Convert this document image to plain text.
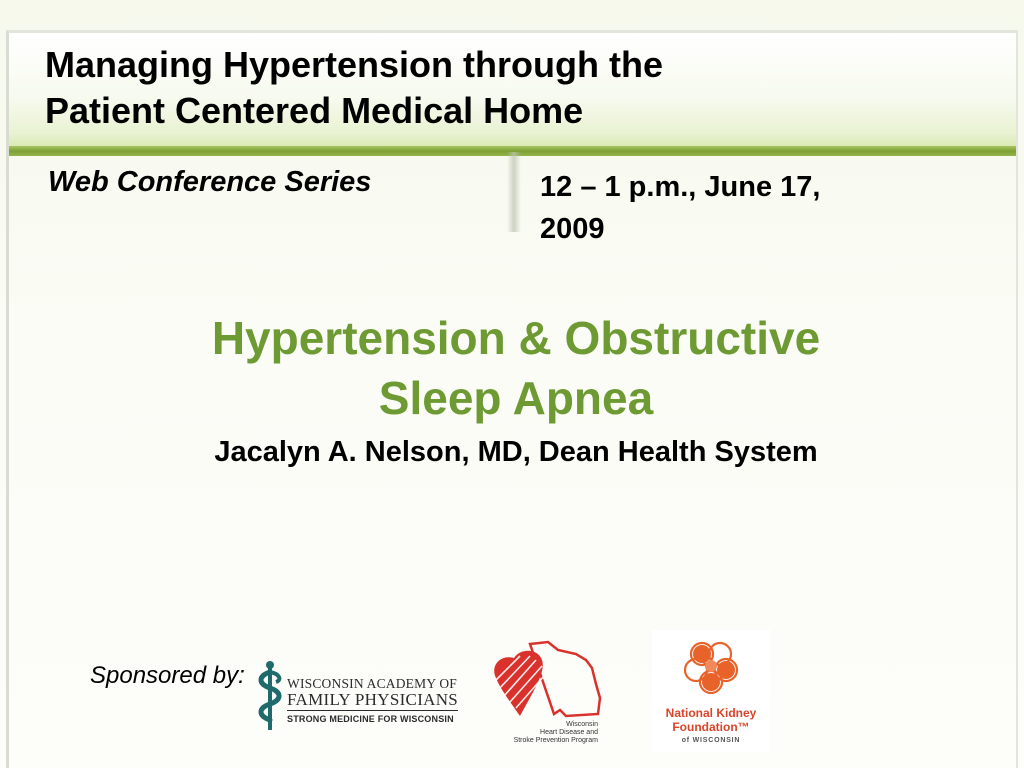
Managing Hypertension through the
Patient Centered Medical Home
Web Conference Series	12 – 1 p.m., June 17,
2009
Hypertension & Obstructive
Sleep Apnea
Jacalyn A. Nelson, MD, Dean Health System
Sponsored by:	WISCONSIN ACADEMY OF
FAMILY PHYSICIANS
STRONG MEDICINE FOR WISCONSIN
Wisconsin
Heart Disease and
Stroke Prevention Program
National Kidney
Foundation™
of WISCONSIN
